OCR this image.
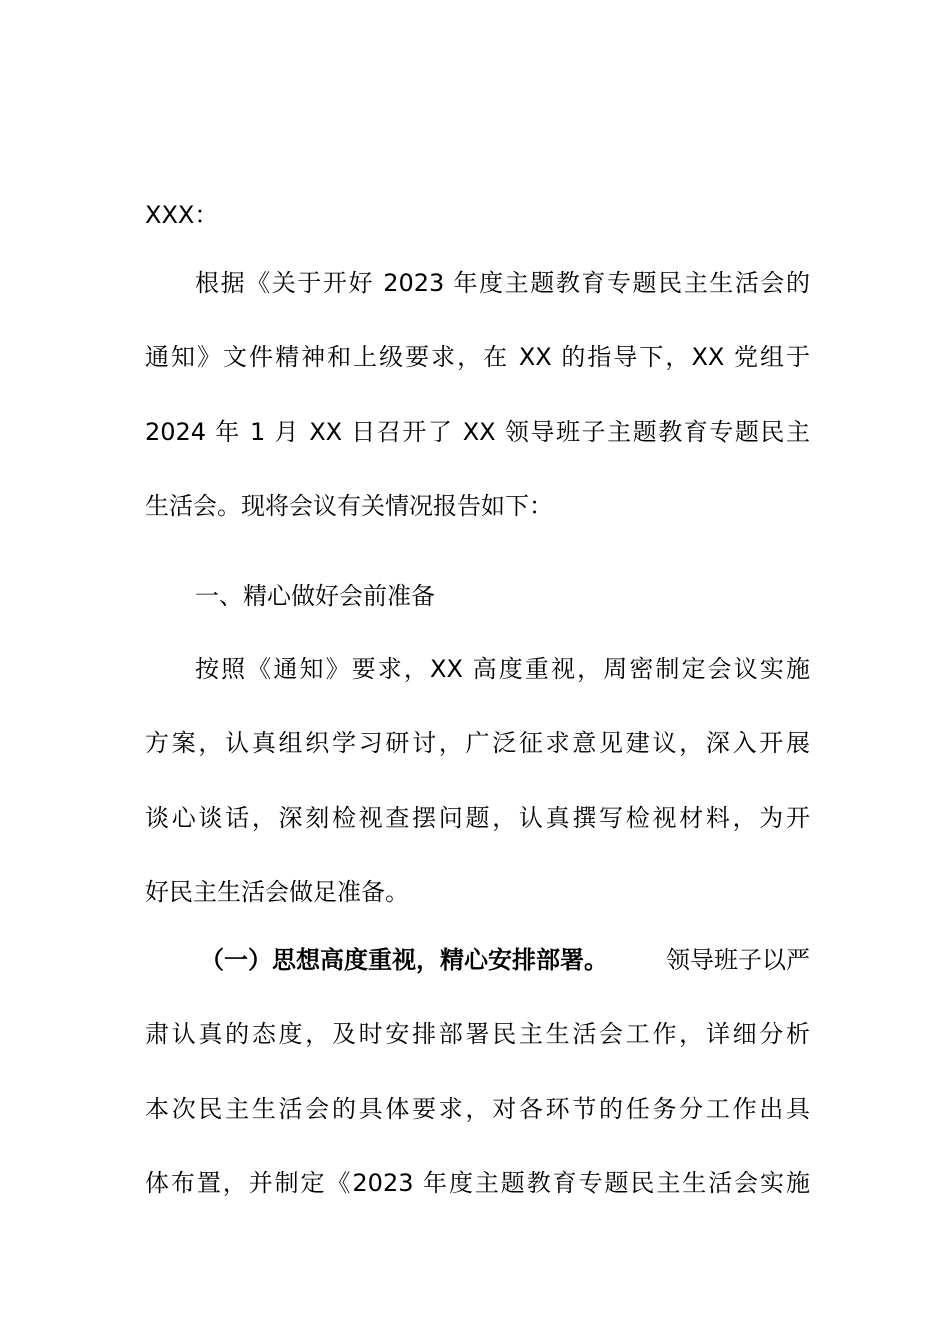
XXX：
根据《关于开好 2023 年度主题教育专题民主生活会的
通知》文件精神和上级要求，在 XX 的指导下，XX 党组于
2024 年 1 月 XX 日召开了 XX 领导班子主题教育专题民主
生活会。现将会议有关情况报告如下：
一、精心做好会前准备
按照《通知》要求，XX 高度重视，周密制定会议实施
方案，认真组织学习研讨，广泛征求意见建议，深入开展
谈心谈话，深刻检视查摆问题，认真撰写检视材料，为开
好民主生活会做足准备。
（一）思想高度重视，精心安排部署。 领导班子以严
肃认真的态度，及时安排部署民主生活会工作，详细分析
本次民主生活会的具体要求，对各环节的任务分工作出具
体布置，并制定《2023 年度主题教育专题民主生活会实施
